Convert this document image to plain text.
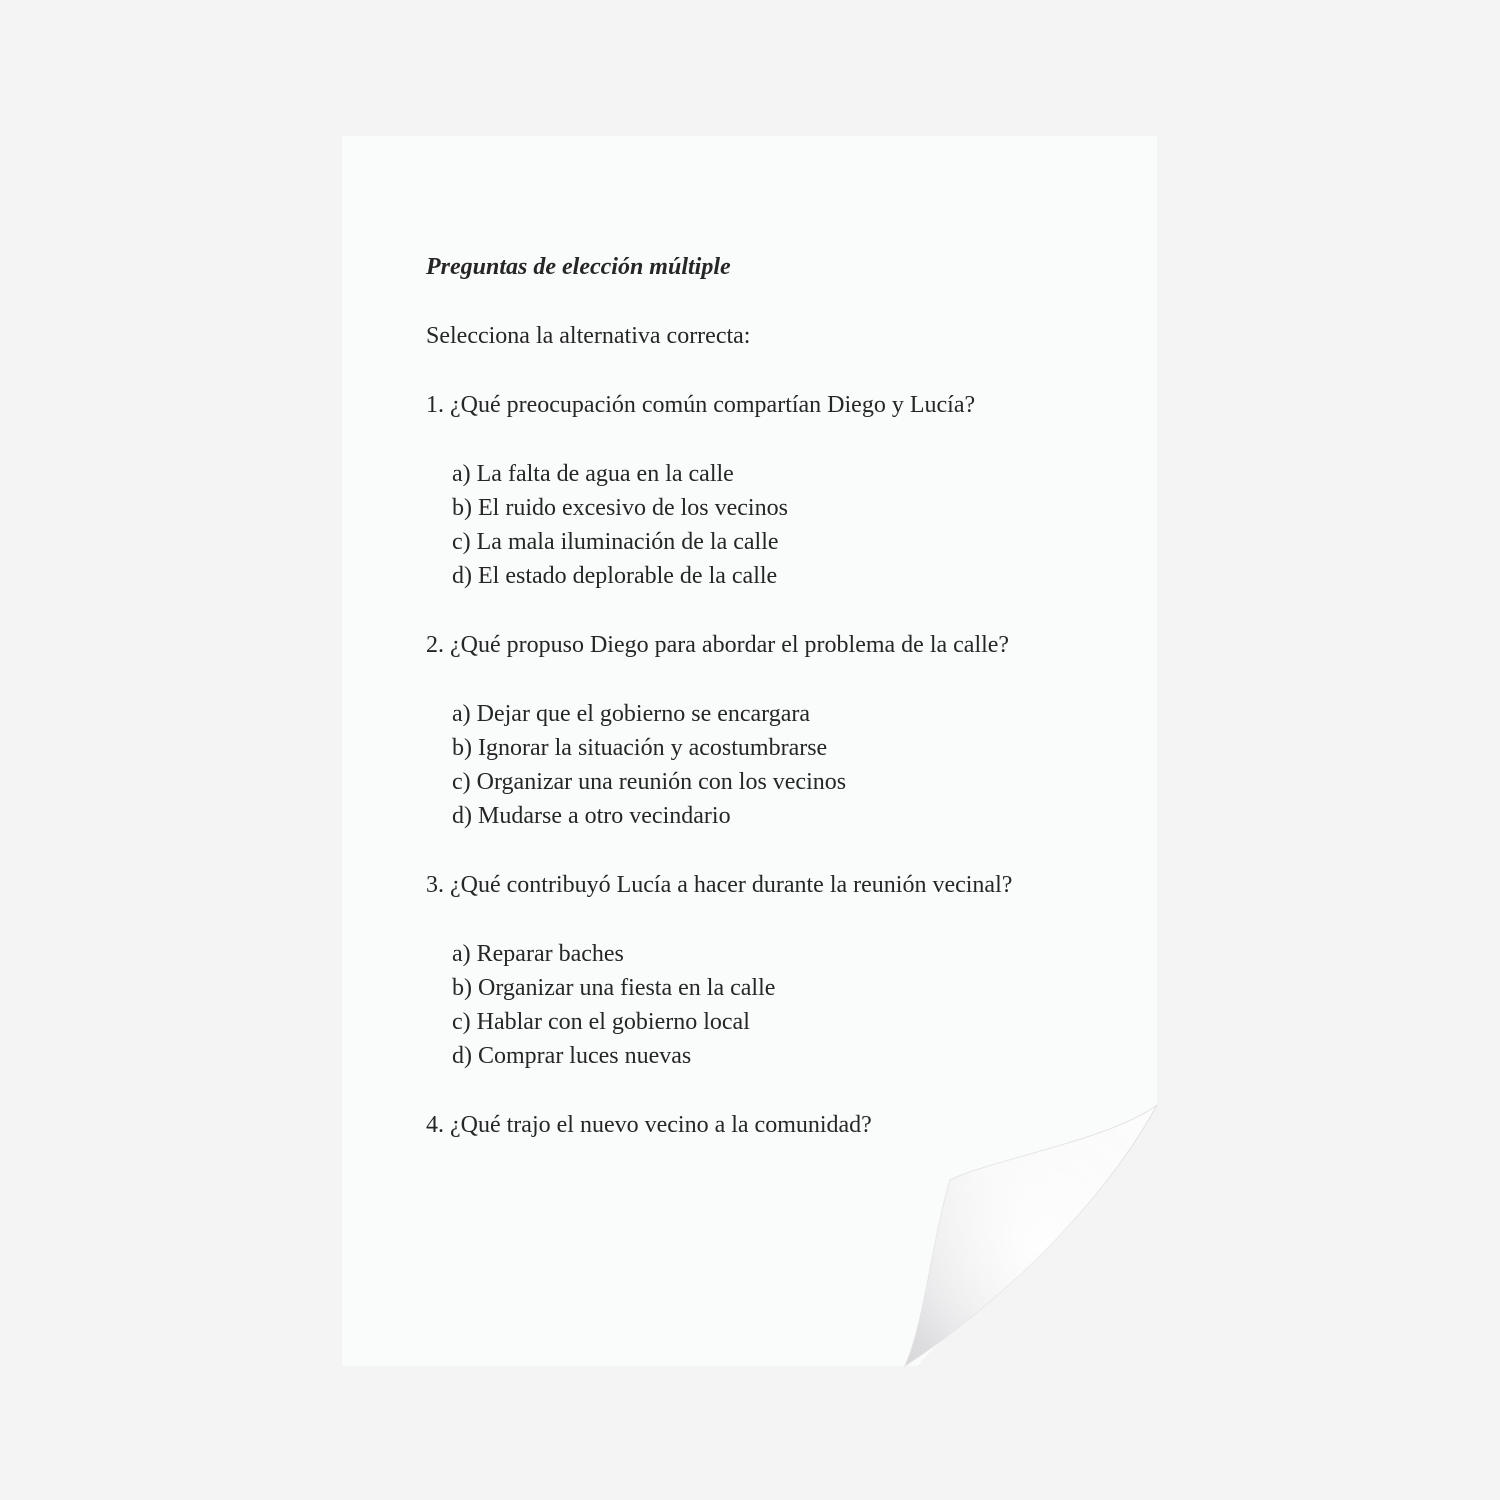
Preguntas de elección múltiple
Selecciona la alternativa correcta:
1. ¿Qué preocupación común compartían Diego y Lucía?
a) La falta de agua en la calle
b) El ruido excesivo de los vecinos
c) La mala iluminación de la calle
d) El estado deplorable de la calle
2. ¿Qué propuso Diego para abordar el problema de la calle?
a) Dejar que el gobierno se encargara
b) Ignorar la situación y acostumbrarse
c) Organizar una reunión con los vecinos
d) Mudarse a otro vecindario
3. ¿Qué contribuyó Lucía a hacer durante la reunión vecinal?
a) Reparar baches
b) Organizar una fiesta en la calle
c) Hablar con el gobierno local
d) Comprar luces nuevas
4. ¿Qué trajo el nuevo vecino a la comunidad?
